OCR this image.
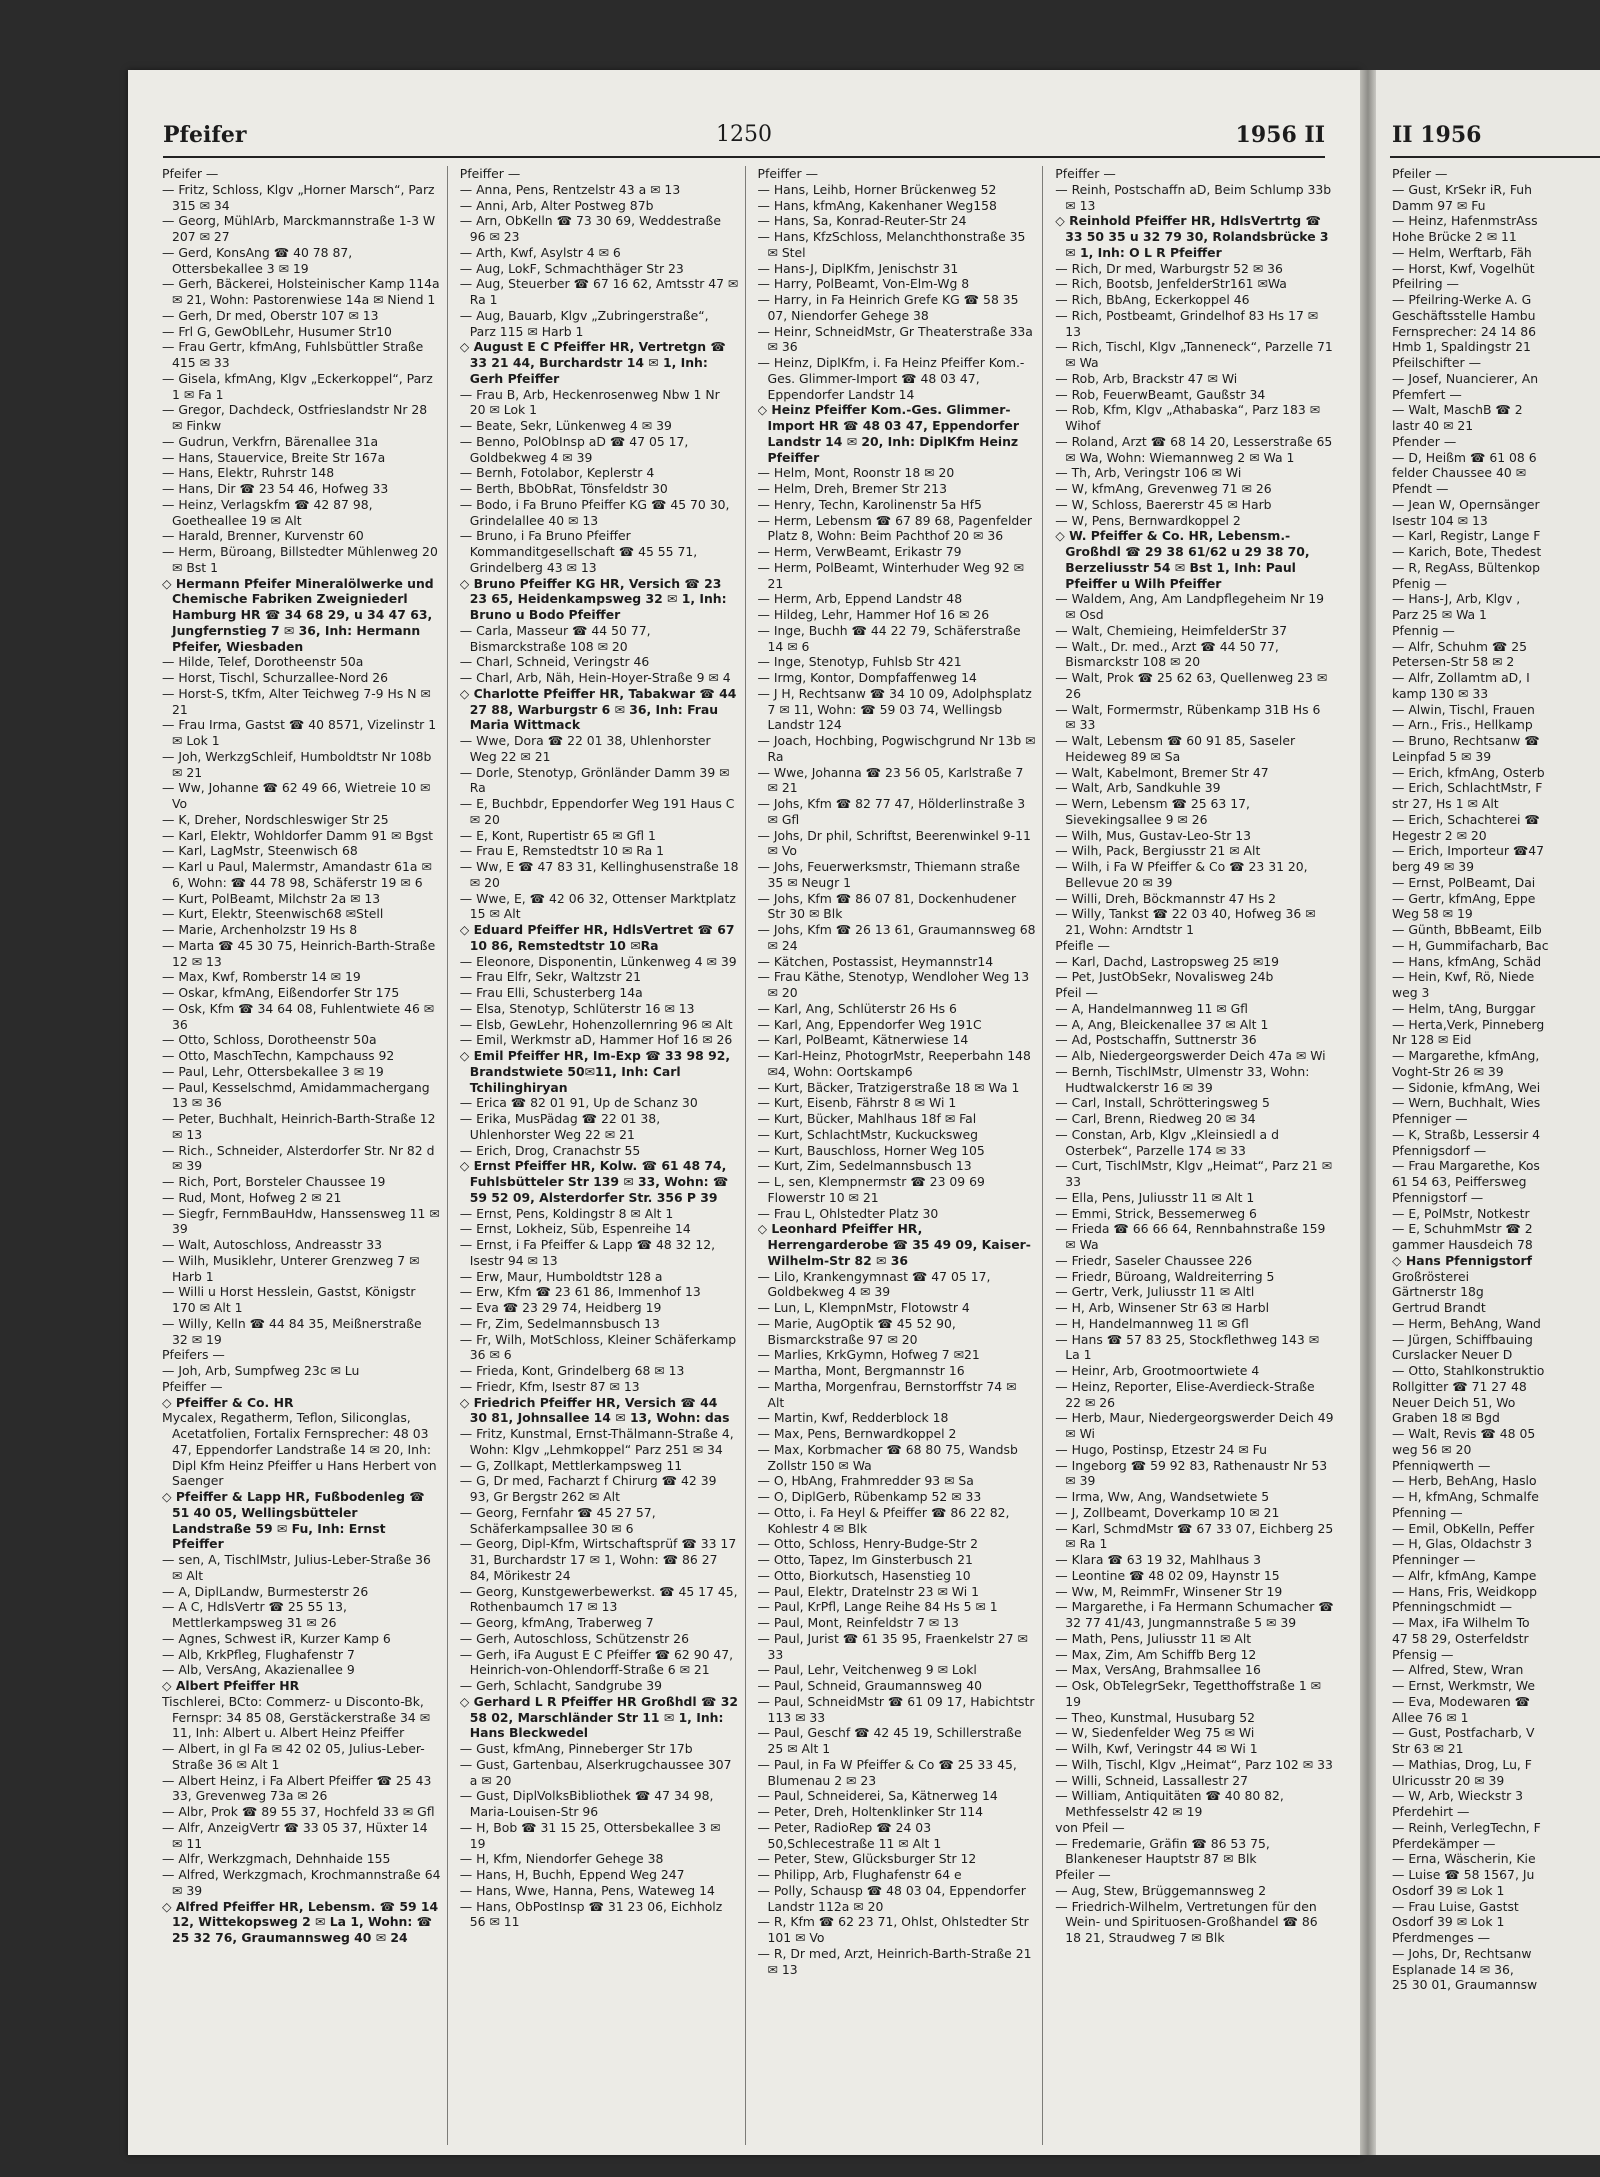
Pfeifer	1250	1956 II

Pfeifer —

— Fritz, Schloss, Klgv „Horner Marsch“, Parz 315 ✉ 34

— Georg, MühlArb, Marckmannstraße 1-3 W 207 ✉ 27

— Gerd, KonsAng ☎ 40 78 87, Ottersbekallee 3 ✉ 19

— Gerh, Bäckerei, Holsteinischer Kamp 114a ✉ 21, Wohn: Pastorenwiese 14a ✉ Niend 1

— Gerh, Dr med, Oberstr 107 ✉ 13

— Frl G, GewOblLehr, Husumer Str10

— Frau Gertr, kfmAng, Fuhlsbüttler Straße 415 ✉ 33

— Gisela, kfmAng, Klgv „Eckerkoppel“, Parz 1 ✉ Fa 1

— Gregor, Dachdeck, Ostfrieslandstr Nr 28 ✉ Finkw

— Gudrun, Verkfrn, Bärenallee 31a

— Hans, Stauervice, Breite Str 167a

— Hans, Elektr, Ruhrstr 148

— Hans, Dir ☎ 23 54 46, Hofweg 33

— Heinz, Verlagskfm ☎ 42 87 98, Goetheallee 19 ✉ Alt

— Harald, Brenner, Kurvenstr 60

— Herm, Büroang, Billstedter Mühlenweg 20 ✉ Bst 1

◇ Hermann Pfeifer Mineralölwerke und Chemische Fabriken Zweigniederl Hamburg HR ☎ 34 68 29, u 34 47 63, Jungfernstieg 7 ✉ 36, Inh: Hermann Pfeifer, Wiesbaden

— Hilde, Telef, Dorotheenstr 50a

— Horst, Tischl, Schurzallee-Nord 26

— Horst-S, tKfm, Alter Teichweg 7-9 Hs N ✉ 21

— Frau Irma, Gastst ☎ 40 8571, Vizelinstr 1 ✉ Lok 1

— Joh, WerkzgSchleif, Humboldtstr Nr 108b ✉ 21

— Ww, Johanne ☎ 62 49 66, Wietreie 10 ✉ Vo

— K, Dreher, Nordschleswiger Str 25

— Karl, Elektr, Wohldorfer Damm 91 ✉ Bgst

— Karl, LagMstr, Steenwisch 68

— Karl u Paul, Malermstr, Amandastr 61a ✉ 6, Wohn: ☎ 44 78 98, Schäferstr 19 ✉ 6

— Kurt, PolBeamt, Milchstr 2a ✉ 13

— Kurt, Elektr, Steenwisch68 ✉Stell

— Marie, Archenholzstr 19 Hs 8

— Marta ☎ 45 30 75, Heinrich-Barth-Straße 12 ✉ 13

— Max, Kwf, Romberstr 14 ✉ 19

— Oskar, kfmAng, Eißendorfer Str 175

— Osk, Kfm ☎ 34 64 08, Fuhlentwiete 46 ✉ 36

— Otto, Schloss, Dorotheenstr 50a

— Otto, MaschTechn, Kampchauss 92

— Paul, Lehr, Ottersbekallee 3 ✉ 19

— Paul, Kesselschmd, Amidammachergang 13 ✉ 36

— Peter, Buchhalt, Heinrich-Barth-Straße 12 ✉ 13

— Rich., Schneider, Alsterdorfer Str. Nr 82 d ✉ 39

— Rich, Port, Borsteler Chaussee 19

— Rud, Mont, Hofweg 2 ✉ 21

— Siegfr, FernmBauHdw, Hanssensweg 11 ✉ 39

— Walt, Autoschloss, Andreasstr 33

— Wilh, Musiklehr, Unterer Grenzweg 7 ✉ Harb 1

— Willi u Horst Hesslein, Gastst, Königstr 170 ✉ Alt 1

— Willy, Kelln ☎ 44 84 35, Meißnerstraße 32 ✉ 19

Pfeifers —

— Joh, Arb, Sumpfweg 23c ✉ Lu

Pfeiffer —

◇ Pfeiffer & Co. HR

Mycalex, Regatherm, Teflon, Siliconglas, Acetatfolien, Fortalix Fernsprecher: 48 03 47, Eppendorfer Landstraße 14 ✉ 20, Inh: Dipl Kfm Heinz Pfeiffer u Hans Herbert von Saenger

◇ Pfeiffer & Lapp HR, Fußbodenleg ☎ 51 40 05, Wellingsbütteler Landstraße 59 ✉ Fu, Inh: Ernst Pfeiffer

— sen, A, TischlMstr, Julius-Leber-Straße 36 ✉ Alt

— A, DiplLandw, Burmesterstr 26

— A C, HdlsVertr ☎ 25 55 13, Mettlerkampsweg 31 ✉ 26

— Agnes, Schwest iR, Kurzer Kamp 6

— Alb, KrkPfleg, Flughafenstr 7

— Alb, VersAng, Akazienallee 9

◇ Albert Pfeiffer HR

Tischlerei, BCto: Commerz- u Disconto-Bk, Fernspr: 34 85 08, Gerstäckerstraße 34 ✉ 11, Inh: Albert u. Albert Heinz Pfeiffer

— Albert, in gl Fa ✉ 42 02 05, Julius-Leber-Straße 36 ✉ Alt 1

— Albert Heinz, i Fa Albert Pfeiffer ☎ 25 43 33, Grevenweg 73a ✉ 26

— Albr, Prok ☎ 89 55 37, Hochfeld 33 ✉ Gfl

— Alfr, AnzeigVertr ☎ 33 05 37, Hüxter 14 ✉ 11

— Alfr, Werkzgmach, Dehnhaide 155

— Alfred, Werkzgmach, Krochmannstraße 64 ✉ 39

◇ Alfred Pfeiffer HR, Lebensm. ☎ 59 14 12, Wittekopsweg 2 ✉ La 1, Wohn: ☎ 25 32 76, Graumannsweg 40 ✉ 24

Pfeiffer —

— Anna, Pens, Rentzelstr 43 a ✉ 13

— Anni, Arb, Alter Postweg 87b

— Arn, ObKelln ☎ 73 30 69, Weddestraße 96 ✉ 23

— Arth, Kwf, Asylstr 4 ✉ 6

— Aug, LokF, Schmachthäger Str 23

— Aug, Steuerber ☎ 67 16 62, Amtsstr 47 ✉ Ra 1

— Aug, Bauarb, Klgv „Zubringerstraße“, Parz 115 ✉ Harb 1

◇ August E C Pfeiffer HR, Vertretgn ☎ 33 21 44, Burchardstr 14 ✉ 1, Inh: Gerh Pfeiffer

— Frau B, Arb, Heckenrosenweg Nbw 1 Nr 20 ✉ Lok 1

— Beate, Sekr, Lünkenweg 4 ✉ 39

— Benno, PolObInsp aD ☎ 47 05 17, Goldbekweg 4 ✉ 39

— Bernh, Fotolabor, Keplerstr 4

— Berth, BbObRat, Tönsfeldstr 30

— Bodo, i Fa Bruno Pfeiffer KG ☎ 45 70 30, Grindelallee 40 ✉ 13

— Bruno, i Fa Bruno Pfeiffer Kommanditgesellschaft ☎ 45 55 71, Grindelberg 43 ✉ 13

◇ Bruno Pfeiffer KG HR, Versich ☎ 23 23 65, Heidenkampsweg 32 ✉ 1, Inh: Bruno u Bodo Pfeiffer

— Carla, Masseur ☎ 44 50 77, Bismarckstraße 108 ✉ 20

— Charl, Schneid, Veringstr 46

— Charl, Arb, Näh, Hein-Hoyer-Straße 9 ✉ 4

◇ Charlotte Pfeiffer HR, Tabakwar ☎ 44 27 88, Warburgstr 6 ✉ 36, Inh: Frau Maria Wittmack

— Wwe, Dora ☎ 22 01 38, Uhlenhorster Weg 22 ✉ 21

— Dorle, Stenotyp, Grönländer Damm 39 ✉ Ra

— E, Buchbdr, Eppendorfer Weg 191 Haus C ✉ 20

— E, Kont, Rupertistr 65 ✉ Gfl 1

— Frau E, Remstedtstr 10 ✉ Ra 1

— Ww, E ☎ 47 83 31, Kellinghusenstraße 18 ✉ 20

— Wwe, E, ☎ 42 06 32, Ottenser Marktplatz 15 ✉ Alt

◇ Eduard Pfeiffer HR, HdlsVertret ☎ 67 10 86, Remstedtstr 10 ✉Ra

— Eleonore, Disponentin, Lünkenweg 4 ✉ 39

— Frau Elfr, Sekr, Waltzstr 21

— Frau Elli, Schusterberg 14a

— Elsa, Stenotyp, Schlüterstr 16 ✉ 13

— Elsb, GewLehr, Hohenzollernring 96 ✉ Alt

— Emil, Werkmstr aD, Hammer Hof 16 ✉ 26

◇ Emil Pfeiffer HR, Im-Exp ☎ 33 98 92, Brandstwiete 50✉11, Inh: Carl Tchilinghiryan

— Erica ☎ 82 01 91, Up de Schanz 30

— Erika, MusPädag ☎ 22 01 38, Uhlenhorster Weg 22 ✉ 21

— Erich, Drog, Cranachstr 55

◇ Ernst Pfeiffer HR, Kolw. ☎ 61 48 74, Fuhlsbütteler Str 139 ✉ 33, Wohn: ☎ 59 52 09, Alsterdorfer Str. 356 P 39

— Ernst, Pens, Koldingstr 8 ✉ Alt 1

— Ernst, Lokheiz, Süb, Espenreihe 14

— Ernst, i Fa Pfeiffer & Lapp ☎ 48 32 12, Isestr 94 ✉ 13

— Erw, Maur, Humboldtstr 128 a

— Erw, Kfm ☎ 23 61 86, Immenhof 13

— Eva ☎ 23 29 74, Heidberg 19

— Fr, Zim, Sedelmannsbusch 13

— Fr, Wilh, MotSchloss, Kleiner Schäferkamp 36 ✉ 6

— Frieda, Kont, Grindelberg 68 ✉ 13

— Friedr, Kfm, Isestr 87 ✉ 13

◇ Friedrich Pfeiffer HR, Versich ☎ 44 30 81, Johnsallee 14 ✉ 13, Wohn: das

— Fritz, Kunstmal, Ernst-Thälmann-Straße 4, Wohn: Klgv „Lehmkoppel“ Parz 251 ✉ 34

— G, Zollkapt, Mettlerkampsweg 11

— G, Dr med, Facharzt f Chirurg ☎ 42 39 93, Gr Bergstr 262 ✉ Alt

— Georg, Fernfahr ☎ 45 27 57, Schäferkampsallee 30 ✉ 6

— Georg, Dipl-Kfm, Wirtschaftsprüf ☎ 33 17 31, Burchardstr 17 ✉ 1, Wohn: ☎ 86 27 84, Mörikestr 24

— Georg, Kunstgewerbewerkst. ☎ 45 17 45, Rothenbaumch 17 ✉ 13

— Georg, kfmAng, Traberweg 7

— Gerh, Autoschloss, Schützenstr 26

— Gerh, iFa August E C Pfeiffer ☎ 62 90 47, Heinrich-von-Ohlendorff-Straße 6 ✉ 21

— Gerh, Schlacht, Sandgrube 39

◇ Gerhard L R Pfeiffer HR Großhdl ☎ 32 58 02, Marschländer Str 11 ✉ 1, Inh: Hans Bleckwedel

— Gust, kfmAng, Pinneberger Str 17b

— Gust, Gartenbau, Alserkrugchaussee 307 a ✉ 20

— Gust, DiplVolksBibliothek ☎ 47 34 98, Maria-Louisen-Str 96

— H, Bob ☎ 31 15 25, Ottersbekallee 3 ✉ 19

— H, Kfm, Niendorfer Gehege 38

— Hans, H, Buchh, Eppend Weg 247

— Hans, Wwe, Hanna, Pens, Wateweg 14

— Hans, ObPostInsp ☎ 31 23 06, Eichholz 56 ✉ 11

Pfeiffer —

— Hans, Leihb, Horner Brückenweg 52

— Hans, kfmAng, Kakenhaner Weg158

— Hans, Sa, Konrad-Reuter-Str 24

— Hans, KfzSchloss, Melanchthonstraße 35 ✉ Stel

— Hans-J, DiplKfm, Jenischstr 31

— Harry, PolBeamt, Von-Elm-Wg 8

— Harry, in Fa Heinrich Grefe KG ☎ 58 35 07, Niendorfer Gehege 38

— Heinr, SchneidMstr, Gr Theaterstraße 33a ✉ 36

— Heinz, DiplKfm, i. Fa Heinz Pfeiffer Kom.-Ges. Glimmer-Import ☎ 48 03 47, Eppendorfer Landstr 14

◇ Heinz Pfeiffer Kom.-Ges. Glimmer-Import HR ☎ 48 03 47, Eppendorfer Landstr 14 ✉ 20, Inh: DiplKfm Heinz Pfeiffer

— Helm, Mont, Roonstr 18 ✉ 20

— Helm, Dreh, Bremer Str 213

— Henry, Techn, Karolinenstr 5a Hf5

— Herm, Lebensm ☎ 67 89 68, Pagenfelder Platz 8, Wohn: Beim Pachthof 20 ✉ 36

— Herm, VerwBeamt, Erikastr 79

— Herm, PolBeamt, Winterhuder Weg 92 ✉ 21

— Herm, Arb, Eppend Landstr 48

— Hildeg, Lehr, Hammer Hof 16 ✉ 26

— Inge, Buchh ☎ 44 22 79, Schäferstraße 14 ✉ 6

— Inge, Stenotyp, Fuhlsb Str 421

— Irmg, Kontor, Dompfaffenweg 14

— J H, Rechtsanw ☎ 34 10 09, Adolphsplatz 7 ✉ 11, Wohn: ☎ 59 03 74, Wellingsb Landstr 124

— Joach, Hochbing, Pogwischgrund Nr 13b ✉ Ra

— Wwe, Johanna ☎ 23 56 05, Karlstraße 7 ✉ 21

— Johs, Kfm ☎ 82 77 47, Hölderlinstraße 3 ✉ Gfl

— Johs, Dr phil, Schriftst, Beerenwinkel 9-11 ✉ Vo

— Johs, Feuerwerksmstr, Thiemann straße 35 ✉ Neugr 1

— Johs, Kfm ☎ 86 07 81, Dockenhudener Str 30 ✉ Blk

— Johs, Kfm ☎ 26 13 61, Graumannsweg 68 ✉ 24

— Kätchen, Postassist, Heymannstr14

— Frau Käthe, Stenotyp, Wendloher Weg 13 ✉ 20

— Karl, Ang, Schlüterstr 26 Hs 6

— Karl, Ang, Eppendorfer Weg 191C

— Karl, PolBeamt, Kätnerwiese 14

— Karl-Heinz, PhotogrMstr, Reeperbahn 148 ✉4, Wohn: Oortskamp6

— Kurt, Bäcker, Tratzigerstraße 18 ✉ Wa 1

— Kurt, Eisenb, Fährstr 8 ✉ Wi 1

— Kurt, Bücker, Mahlhaus 18f ✉ Fal

— Kurt, SchlachtMstr, Kuckucksweg

— Kurt, Bauschloss, Horner Weg 105

— Kurt, Zim, Sedelmannsbusch 13

— L, sen, Klempnermstr ☎ 23 09 69 Flowerstr 10 ✉ 21

— Frau L, Ohlstedter Platz 30

◇ Leonhard Pfeiffer HR, Herrengarderobe ☎ 35 49 09, Kaiser-Wilhelm-Str 82 ✉ 36

— Lilo, Krankengymnast ☎ 47 05 17, Goldbekweg 4 ✉ 39

— Lun, L, KlempnMstr, Flotowstr 4

— Marie, AugOptik ☎ 45 52 90, Bismarckstraße 97 ✉ 20

— Marlies, KrkGymn, Hofweg 7 ✉21

— Martha, Mont, Bergmannstr 16

— Martha, Morgenfrau, Bernstorffstr 74 ✉ Alt

— Martin, Kwf, Redderblock 18

— Max, Pens, Bernwardkoppel 2

— Max, Korbmacher ☎ 68 80 75, Wandsb Zollstr 150 ✉ Wa

— O, HbAng, Frahmredder 93 ✉ Sa

— O, DiplGerb, Rübenkamp 52 ✉ 33

— Otto, i. Fa Heyl & Pfeiffer ☎ 86 22 82, Kohlestr 4 ✉ Blk

— Otto, Schloss, Henry-Budge-Str 2

— Otto, Tapez, Im Ginsterbusch 21

— Otto, Biorkutsch, Hasenstieg 10

— Paul, Elektr, Dratelnstr 23 ✉ Wi 1

— Paul, KrPfl, Lange Reihe 84 Hs 5 ✉ 1

— Paul, Mont, Reinfeldstr 7 ✉ 13

— Paul, Jurist ☎ 61 35 95, Fraenkelstr 27 ✉ 33

— Paul, Lehr, Veitchenweg 9 ✉ Lokl

— Paul, Schneid, Graumannsweg 40

— Paul, SchneidMstr ☎ 61 09 17, Habichtstr 113 ✉ 33

— Paul, Geschf ☎ 42 45 19, Schillerstraße 25 ✉ Alt 1

— Paul, in Fa W Pfeiffer & Co ☎ 25 33 45, Blumenau 2 ✉ 23

— Paul, Schneiderei, Sa, Kätnerweg 14

— Peter, Dreh, Holtenklinker Str 114

— Peter, RadioRep ☎ 24 03 50,Schlecestraße 11 ✉ Alt 1

— Peter, Stew, Glücksburger Str 12

— Philipp, Arb, Flughafenstr 64 e

— Polly, Schausp ☎ 48 03 04, Eppendorfer Landstr 112a ✉ 20

— R, Kfm ☎ 62 23 71, Ohlst, Ohlstedter Str 101 ✉ Vo

— R, Dr med, Arzt, Heinrich-Barth-Straße 21 ✉ 13

Pfeiffer —

— Reinh, Postschaffn aD, Beim Schlump 33b ✉ 13

◇ Reinhold Pfeiffer HR, HdlsVertrtg ☎ 33 50 35 u 32 79 30, Rolandsbrücke 3 ✉ 1, Inh: O L R Pfeiffer

— Rich, Dr med, Warburgstr 52 ✉ 36

— Rich, Bootsb, JenfelderStr161 ✉Wa

— Rich, BbAng, Eckerkoppel 46

— Rich, Postbeamt, Grindelhof 83 Hs 17 ✉ 13

— Rich, Tischl, Klgv „Tanneneck“, Parzelle 71 ✉ Wa

— Rob, Arb, Brackstr 47 ✉ Wi

— Rob, FeuerwBeamt, Gaußstr 34

— Rob, Kfm, Klgv „Athabaska“, Parz 183 ✉ Wihof

— Roland, Arzt ☎ 68 14 20, Lesserstraße 65 ✉ Wa, Wohn: Wiemannweg 2 ✉ Wa 1

— Th, Arb, Veringstr 106 ✉ Wi

— W, kfmAng, Grevenweg 71 ✉ 26

— W, Schloss, Baererstr 45 ✉ Harb

— W, Pens, Bernwardkoppel 2

◇ W. Pfeiffer & Co. HR, Lebensm.-Großhdl ☎ 29 38 61/62 u 29 38 70, Berzeliusstr 54 ✉ Bst 1, Inh: Paul Pfeiffer u Wilh Pfeiffer

— Waldem, Ang, Am Landpflegeheim Nr 19 ✉ Osd

— Walt, Chemieing, HeimfelderStr 37

— Walt., Dr. med., Arzt ☎ 44 50 77, Bismarckstr 108 ✉ 20

— Walt, Prok ☎ 25 62 63, Quellenweg 23 ✉ 26

— Walt, Formermstr, Rübenkamp 31B Hs 6 ✉ 33

— Walt, Lebensm ☎ 60 91 85, Saseler Heideweg 89 ✉ Sa

— Walt, Kabelmont, Bremer Str 47

— Walt, Arb, Sandkuhle 39

— Wern, Lebensm ☎ 25 63 17, Sievekingsallee 9 ✉ 26

— Wilh, Mus, Gustav-Leo-Str 13

— Wilh, Pack, Bergiusstr 21 ✉ Alt

— Wilh, i Fa W Pfeiffer & Co ☎ 23 31 20, Bellevue 20 ✉ 39

— Willi, Dreh, Böckmannstr 47 Hs 2

— Willy, Tankst ☎ 22 03 40, Hofweg 36 ✉ 21, Wohn: Arndtstr 1

Pfeifle —

— Karl, Dachd, Lastropsweg 25 ✉19

— Pet, JustObSekr, Novalisweg 24b

Pfeil —

— A, Handelmannweg 11 ✉ Gfl

— A, Ang, Bleickenallee 37 ✉ Alt 1

— Ad, Postschaffn, Suttnerstr 36

— Alb, Niedergeorgswerder Deich 47a ✉ Wi

— Bernh, TischlMstr, Ulmenstr 33, Wohn: Hudtwalckerstr 16 ✉ 39

— Carl, Install, Schrötteringsweg 5

— Carl, Brenn, Riedweg 20 ✉ 34

— Constan, Arb, Klgv „Kleinsiedl a d Osterbek“, Parzelle 174 ✉ 33

— Curt, TischlMstr, Klgv „Heimat“, Parz 21 ✉ 33

— Ella, Pens, Juliusstr 11 ✉ Alt 1

— Emmi, Strick, Bessemerweg 6

— Frieda ☎ 66 66 64, Rennbahnstraße 159 ✉ Wa

— Friedr, Saseler Chaussee 226

— Friedr, Büroang, Waldreiterring 5

— Gertr, Verk, Juliusstr 11 ✉ Altl

— H, Arb, Winsener Str 63 ✉ Harbl

— H, Handelmannweg 11 ✉ Gfl

— Hans ☎ 57 83 25, Stockflethweg 143 ✉ La 1

— Heinr, Arb, Grootmoortwiete 4

— Heinz, Reporter, Elise-Averdieck-Straße 22 ✉ 26

— Herb, Maur, Niedergeorgswerder Deich 49 ✉ Wi

— Hugo, Postinsp, Etzestr 24 ✉ Fu

— Ingeborg ☎ 59 92 83, Rathenaustr Nr 53 ✉ 39

— Irma, Ww, Ang, Wandsetwiete 5

— J, Zollbeamt, Doverkamp 10 ✉ 21

— Karl, SchmdMstr ☎ 67 33 07, Eichberg 25 ✉ Ra 1

— Klara ☎ 63 19 32, Mahlhaus 3

— Leontine ☎ 48 02 09, Haynstr 15

— Ww, M, ReimmFr, Winsener Str 19

— Margarethe, i Fa Hermann Schumacher ☎ 32 77 41/43, Jungmannstraße 5 ✉ 39

— Math, Pens, Juliusstr 11 ✉ Alt

— Max, Zim, Am Schiffb Berg 12

— Max, VersAng, Brahmsallee 16

— Osk, ObTelegrSekr, Tegetthoffstraße 1 ✉ 19

— Theo, Kunstmal, Husubarg 52

— W, Siedenfelder Weg 75 ✉ Wi

— Wilh, Kwf, Veringstr 44 ✉ Wi 1

— Wilh, Tischl, Klgv „Heimat“, Parz 102 ✉ 33

— Willi, Schneid, Lassallestr 27

— William, Antiquitäten ☎ 40 80 82, Methfesselstr 42 ✉ 19

von Pfeil —

— Fredemarie, Gräfin ☎ 86 53 75, Blankeneser Hauptstr 87 ✉ Blk

Pfeiler —

— Aug, Stew, Brüggemannsweg 2

— Friedrich-Wilhelm, Vertretungen für den Wein- und Spirituosen-Großhandel ☎ 86 18 21, Straudweg 7 ✉ Blk

II 1956
Pfeiler —
— Gust, KrSekr iR, Fuh
Damm 97 ✉ Fu
— Heinz, HafenmstrAss
Hohe Brücke 2 ✉ 11
— Helm, Werftarb, Fäh
— Horst, Kwf, Vogelhüt
Pfeilring —
— Pfeilring-Werke A. G
Geschäftsstelle Hambu
Fernsprecher: 24 14 86
Hmb 1, Spaldingstr 21
Pfeilschifter —
— Josef, Nuancierer, An
Pfemfert —
— Walt, MaschB ☎ 2
lastr 40 ✉ 21
Pfender —
— D, Heißm ☎ 61 08 6
felder Chaussee 40 ✉
Pfendt —
— Jean W, Opernsänger
Isestr 104 ✉ 13
— Karl, Registr, Lange F
— Karich, Bote, Thedest
— R, RegAss, Bültenkop
Pfenig —
— Hans-J, Arb, Klgv ,
Parz 25 ✉ Wa 1
Pfennig —
— Alfr, Schuhm ☎ 25
Petersen-Str 58 ✉ 2
— Alfr, Zollamtm aD, I
kamp 130 ✉ 33
— Alwin, Tischl, Frauen
— Arn., Fris., Hellkamp
— Bruno, Rechtsanw ☎
Leinpfad 5 ✉ 39
— Erich, kfmAng, Osterb
— Erich, SchlachtMstr, F
str 27, Hs 1 ✉ Alt
— Erich, Schachterei ☎
Hegestr 2 ✉ 20
— Erich, Importeur ☎47
berg 49 ✉ 39
— Ernst, PolBeamt, Dai
— Gertr, kfmAng, Eppe
Weg 58 ✉ 19
— Günth, BbBeamt, Eilb
— H, Gummifacharb, Bac
— Hans, kfmAng, Schäd
— Hein, Kwf, Rö, Niede
weg 3
— Helm, tAng, Burggar
— Herta,Verk, Pinneberg
Nr 128 ✉ Eid
— Margarethe, kfmAng,
Voght-Str 26 ✉ 39
— Sidonie, kfmAng, Wei
— Wern, Buchhalt, Wies
Pfenniger —
— K, Straßb, Lessersir 4
Pfennigsdorf —
— Frau Margarethe, Kos
61 54 63, Peiffersweg
Pfennigstorf —
— E, PolMstr, Notkestr
— E, SchuhmMstr ☎ 2
gammer Hausdeich 78
◇ Hans Pfennigstorf
Großrösterei
Gärtnerstr 18g
Gertrud Brandt
— Herm, BehAng, Wand
— Jürgen, Schiffbauing
Curslacker Neuer D
— Otto, Stahlkonstruktio
Rollgitter ☎ 71 27 48
Neuer Deich 51, Wo
Graben 18 ✉ Bgd
— Walt, Revis ☎ 48 05
weg 56 ✉ 20
Pfenniqwerth —
— Herb, BehAng, Haslo
— H, kfmAng, Schmalfe
Pfenning —
— Emil, ObKelln, Peffer
— H, Glas, Oldachstr 3
Pfenninger —
— Alfr, kfmAng, Kampe
— Hans, Fris, Weidkopp
Pfenningschmidt —
— Max, iFa Wilhelm To
47 58 29, Osterfeldstr
Pfensig —
— Alfred, Stew, Wran
— Ernst, Werkmstr, We
— Eva, Modewaren ☎
Allee 76 ✉ 1
— Gust, Postfacharb, V
Str 63 ✉ 21
— Mathias, Drog, Lu, F
Ulricusstr 20 ✉ 39
— W, Arb, Wieckstr 3
Pferdehirt —
— Reinh, VerlegTechn, F
Pferdekämper —
— Erna, Wäscherin, Kie
— Luise ☎ 58 1567, Ju
Osdorf 39 ✉ Lok 1
— Frau Luise, Gastst
Osdorf 39 ✉ Lok 1
Pferdmenges —
— Johs, Dr, Rechtsanw
Esplanade 14 ✉ 36,
25 30 01, Graumannsw
